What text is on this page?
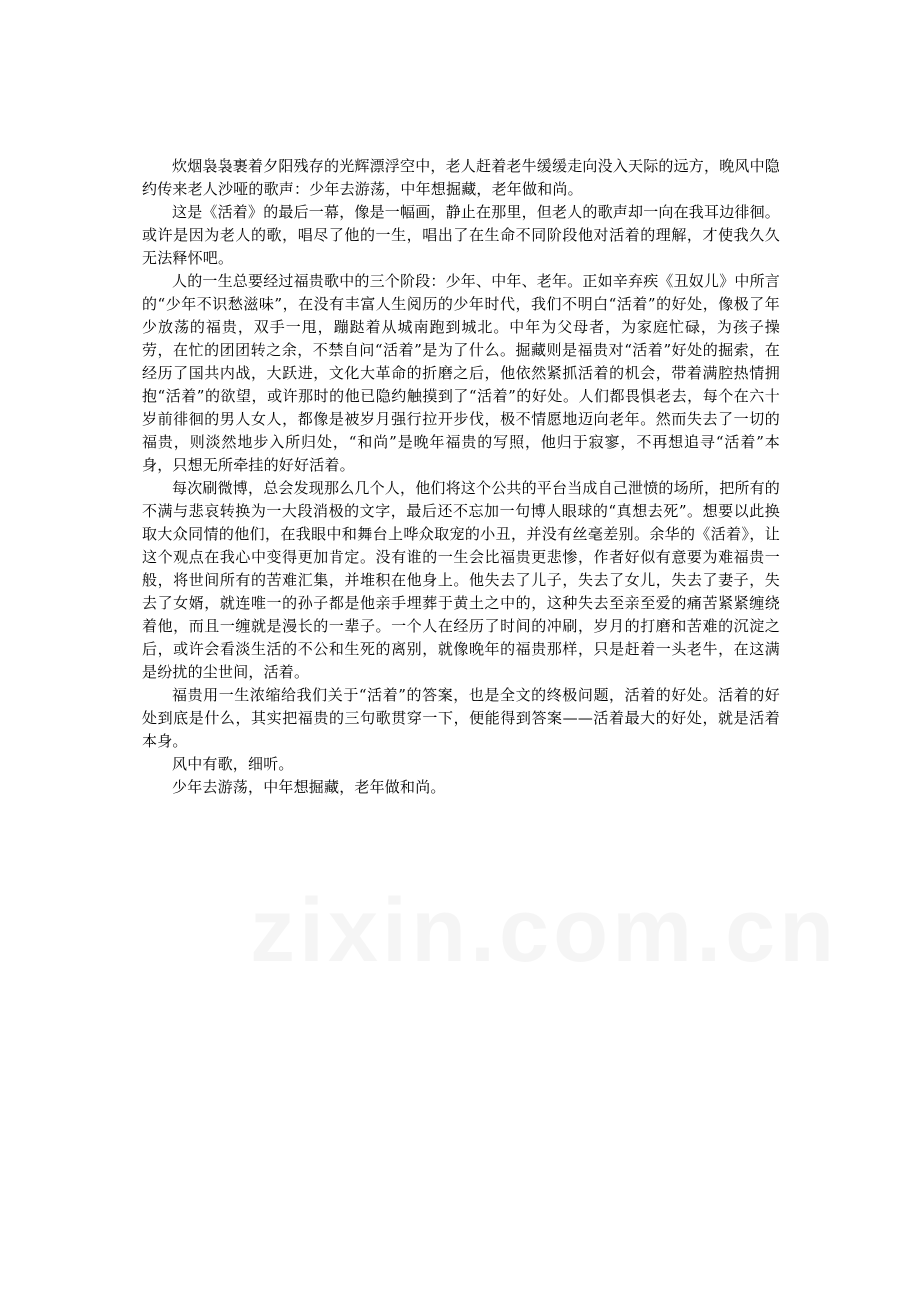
炊烟袅袅裹着夕阳残存的光辉漂浮空中，老人赶着老牛缓缓走向没入天际的远方，晚风中隐约传来老人沙哑的歌声：少年去游荡，中年想掘藏，老年做和尚。

这是《活着》的最后一幕，像是一幅画，静止在那里，但老人的歌声却一向在我耳边徘徊。或许是因为老人的歌，唱尽了他的一生，唱出了在生命不同阶段他对活着的理解，才使我久久无法释怀吧。

人的一生总要经过福贵歌中的三个阶段：少年、中年、老年。正如辛弃疾《丑奴儿》中所言的“少年不识愁滋味”，在没有丰富人生阅历的少年时代，我们不明白“活着”的好处，像极了年少放荡的福贵，双手一甩，蹦跶着从城南跑到城北。中年为父母者，为家庭忙碌，为孩子操劳，在忙的团团转之余，不禁自问“活着”是为了什么。掘藏则是福贵对“活着”好处的掘索，在经历了国共内战，大跃进，文化大革命的折磨之后，他依然紧抓活着的机会，带着满腔热情拥抱“活着”的欲望，或许那时的他已隐约触摸到了“活着”的好处。人们都畏惧老去，每个在六十岁前徘徊的男人女人，都像是被岁月强行拉开步伐，极不情愿地迈向老年。然而失去了一切的福贵，则淡然地步入所归处，“和尚”是晚年福贵的写照，他归于寂寥，不再想追寻“活着”本身，只想无所牵挂的好好活着。

每次刷微博，总会发现那么几个人，他们将这个公共的平台当成自己泄愤的场所，把所有的不满与悲哀转换为一大段消极的文字，最后还不忘加一句博人眼球的“真想去死”。想要以此换取大众同情的他们，在我眼中和舞台上哗众取宠的小丑，并没有丝毫差别。余华的《活着》，让这个观点在我心中变得更加肯定。没有谁的一生会比福贵更悲惨，作者好似有意要为难福贵一般，将世间所有的苦难汇集，并堆积在他身上。他失去了儿子，失去了女儿，失去了妻子，失去了女婿，就连唯一的孙子都是他亲手埋葬于黄土之中的，这种失去至亲至爱的痛苦紧紧缠绕着他，而且一缠就是漫长的一辈子。一个人在经历了时间的冲刷，岁月的打磨和苦难的沉淀之后，或许会看淡生活的不公和生死的离别，就像晚年的福贵那样，只是赶着一头老牛，在这满是纷扰的尘世间，活着。

福贵用一生浓缩给我们关于“活着”的答案，也是全文的终极问题，活着的好处。活着的好处到底是什么，其实把福贵的三句歌贯穿一下，便能得到答案——活着最大的好处，就是活着本身。

风中有歌，细听。

少年去游荡，中年想掘藏，老年做和尚。
